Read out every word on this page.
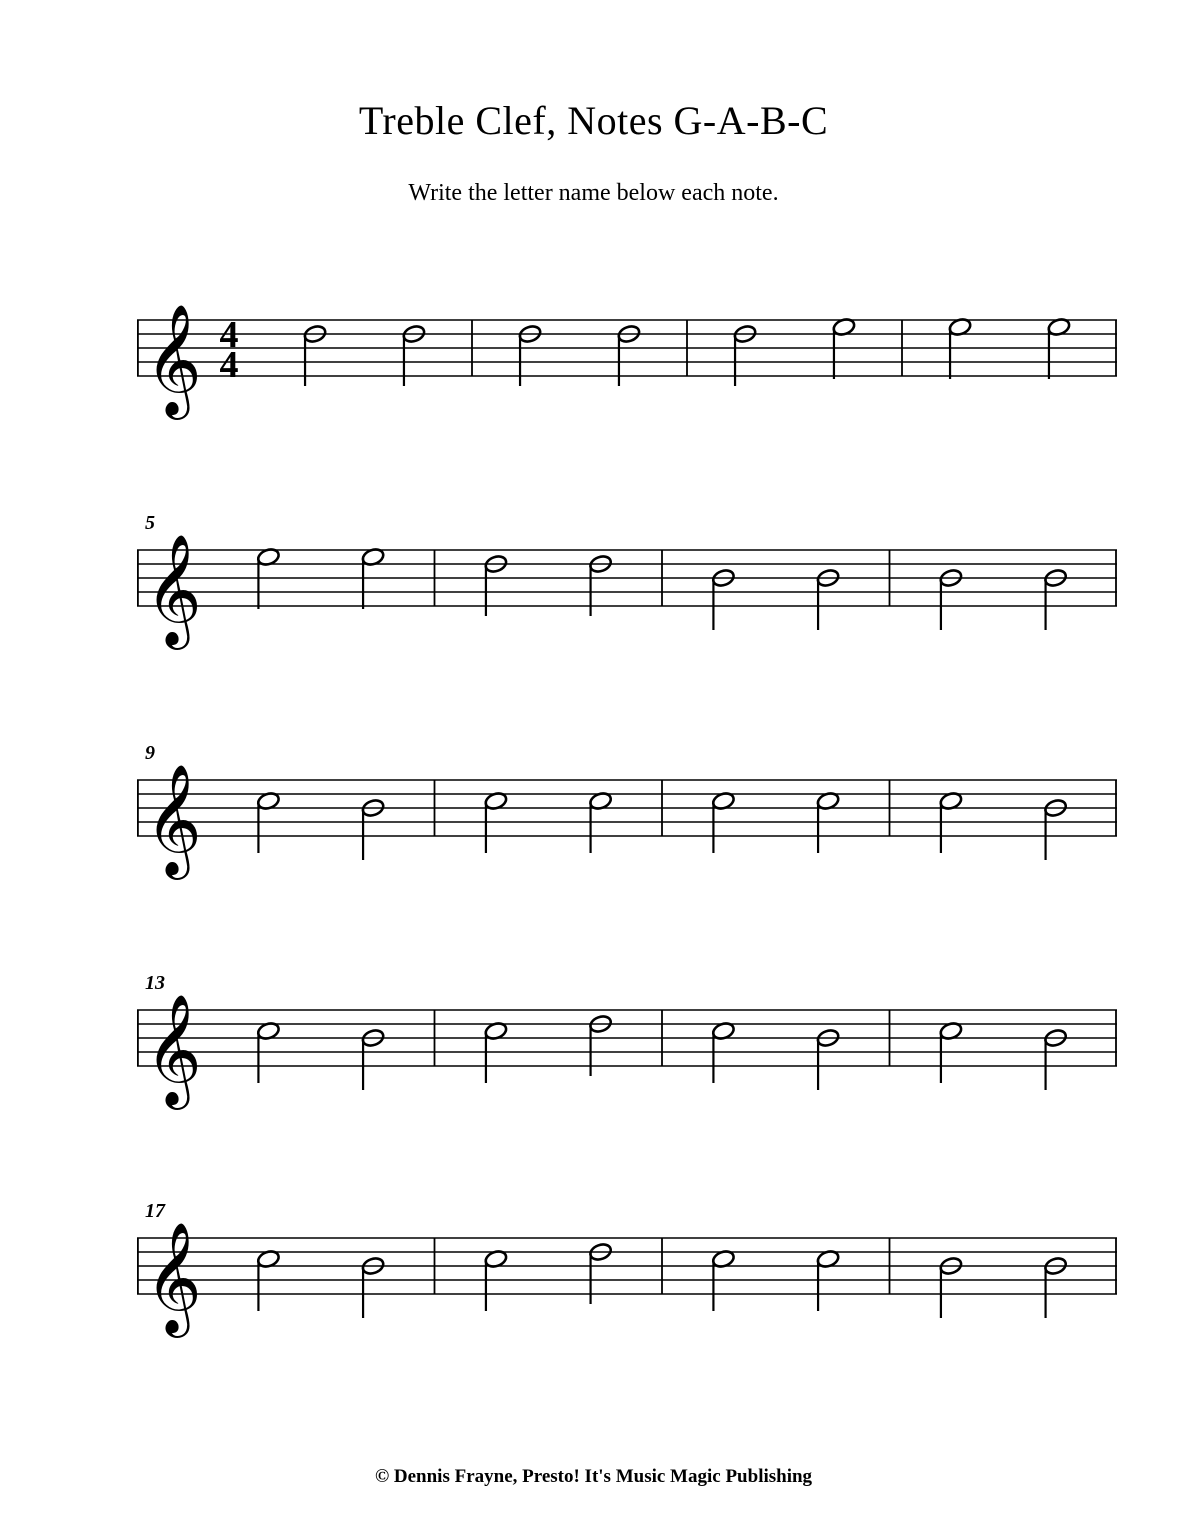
Treble Clef, Notes G-A-B-C
Write the letter name below each note.
𝄞 4
4
5
𝄞
9
𝄞
13
𝄞
17
𝄞
© Dennis Frayne, Presto! It's Music Magic Publishing
